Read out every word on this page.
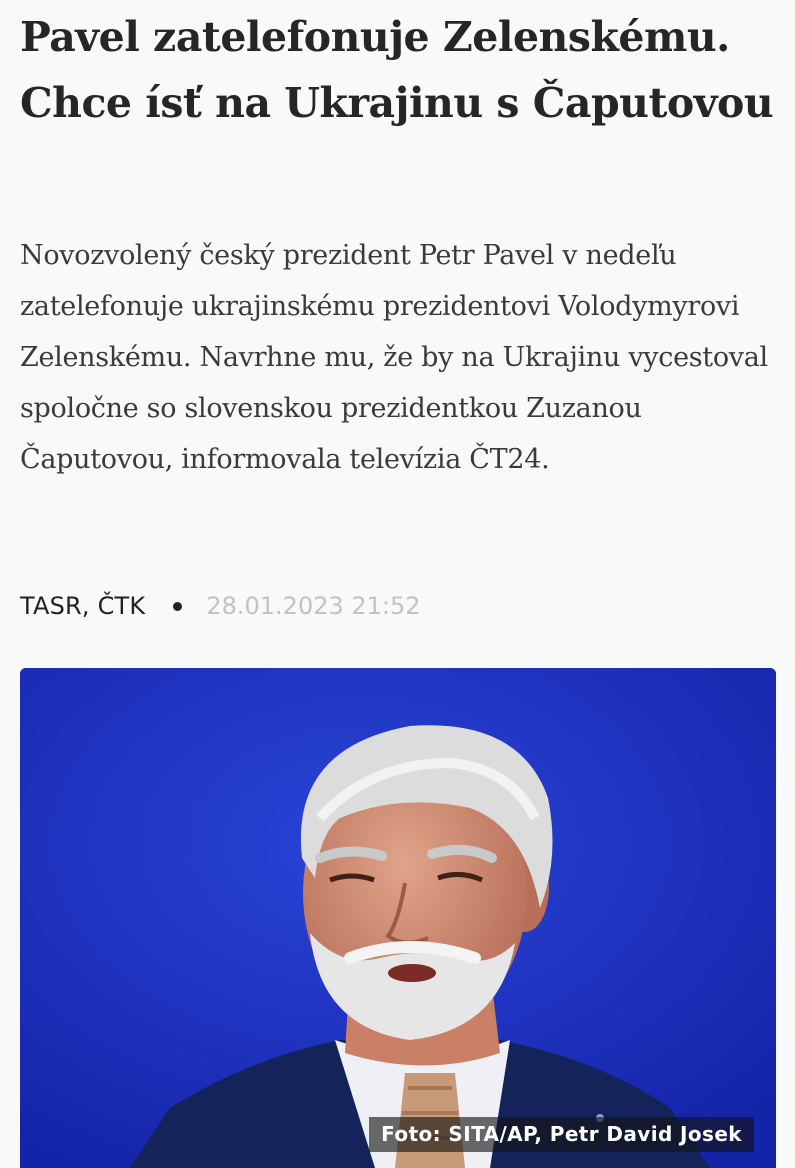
Pavel zatelefonuje Zelenskému. Chce ísť na Ukrajinu s Čaputovou

Novozvolený český prezident Petr Pavel v nedeľu zatelefonuje ukrajinskému prezidentovi Volodymyrovi Zelenskému. Navrhne mu, že by na Ukrajinu vycestoval spoločne so slovenskou prezidentkou Zuzanou Čaputovou, informovala televízia ČT24.

TASR, ČTK	28.01.2023 21:52
Foto: SITA/AP, Petr David Josek
